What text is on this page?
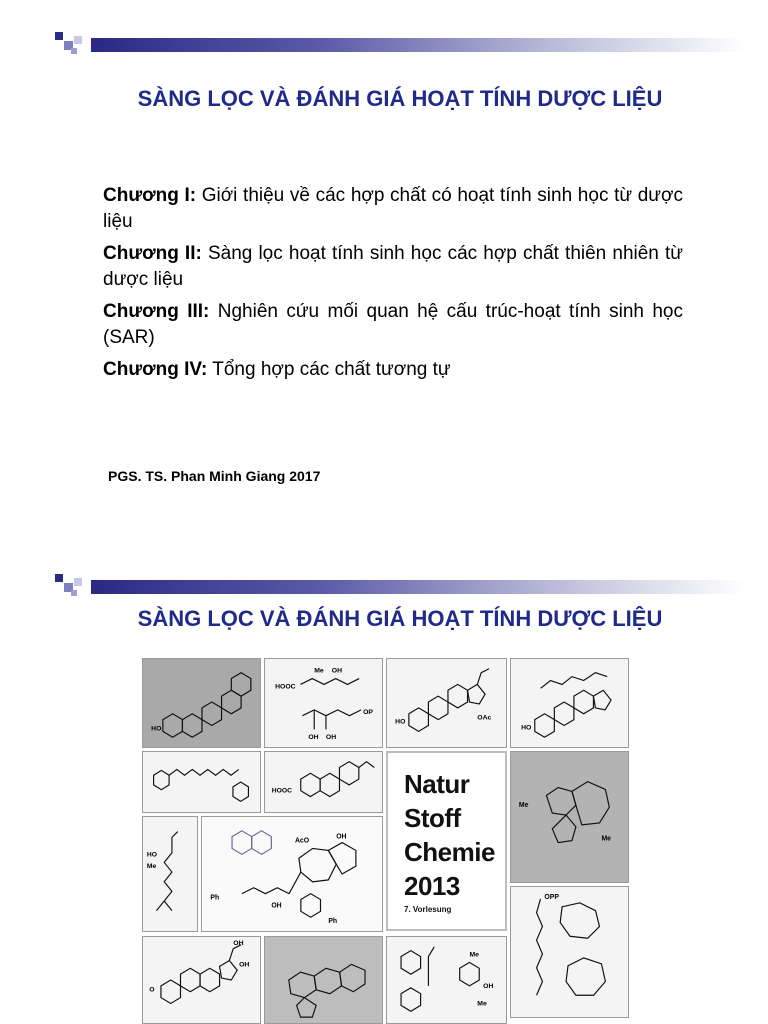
SÀNG LỌC VÀ ĐÁNH GIÁ HOẠT TÍNH DƯỢC LIỆU
Chương I: Giới thiệu về các hợp chất có hoạt tính sinh học từ dược liệu
Chương II: Sàng lọc hoạt tính sinh học các hợp chất thiên nhiên từ dược liệu
Chương III: Nghiên cứu mối quan hệ cấu trúc-hoạt tính sinh học (SAR)
Chương IV: Tổng hợp các chất tương tự
PGS. TS. Phan Minh Giang 2017
SÀNG LỌC VÀ ĐÁNH GIÁ HOẠT TÍNH DƯỢC LIỆU
HO
HOOC
Me OH
OP
OH OH
HO
OAc
HO
HOOC	Natur
Stoff
Chemie
2013
7. Vorlesung
Me
Me
HO
Me
Ph
AcO
OH
OH
Ph
OPP
O
OH
OH
Me
OH
Me
